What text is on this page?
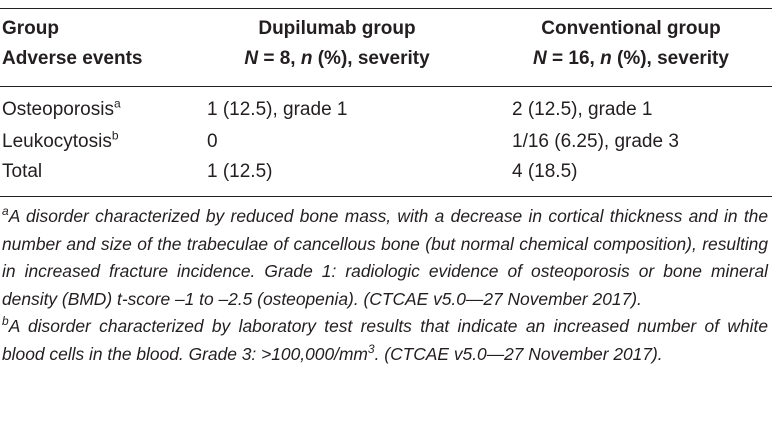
Group	Dupilumab group	Conventional group
Adverse events	N = 8, n (%), severity	N = 16, n (%), severity
Osteoporosis$^a$	1 (12.5), grade 1	2 (12.5), grade 1
Leukocytosis$^b$	0	1/16 (6.25), grade 3
Total	1 (12.5)	4 (18.5)

$^a$A disorder characterized by reduced bone mass, with a decrease in cortical thickness and in the number and size of the trabeculae of cancellous bone (but normal chemical composition), resulting in increased fracture incidence. Grade 1: radiologic evidence of osteoporosis or bone mineral density (BMD) t-score –1 to –2.5 (osteopenia). (CTCAE v5.0—27 November 2017).

$^b$A disorder characterized by laboratory test results that indicate an increased number of white blood cells in the blood. Grade 3: $>100,000/mm^3$. (CTCAE v5.0—27 November 2017).
